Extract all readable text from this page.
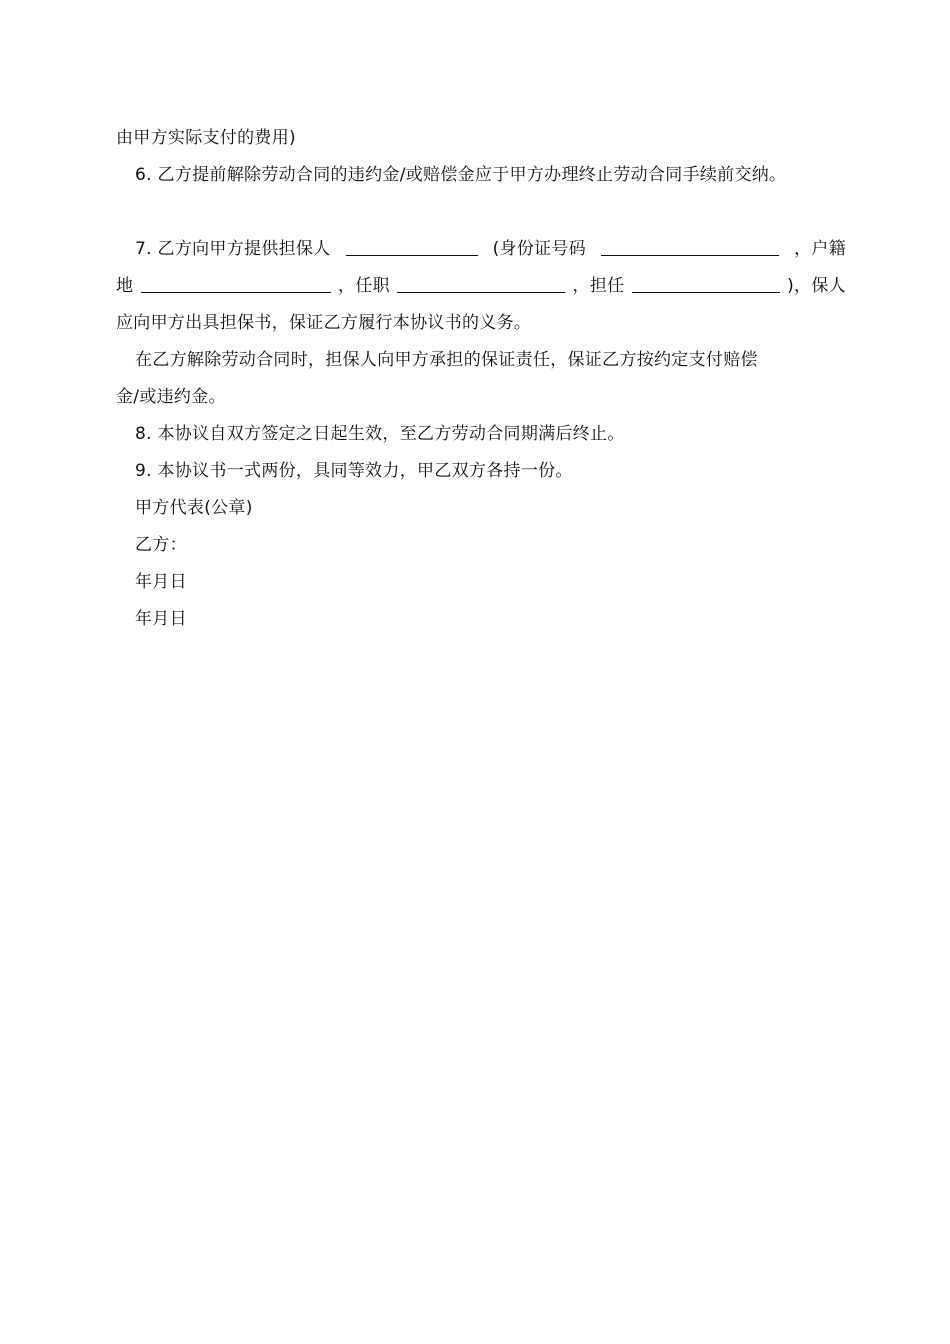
由甲方实际支付的费用)
6. 乙方提前解除劳动合同的违约金/或赔偿金应于甲方办理终止劳动合同手续前交纳。
7. 乙方向甲方提供担保人	(身份证号码	，户籍
地	，任职	，担任	)，保人
应向甲方出具担保书，保证乙方履行本协议书的义务。
在乙方解除劳动合同时，担保人向甲方承担的保证责任，保证乙方按约定支付赔偿
金/或违约金。
8. 本协议自双方签定之日起生效，至乙方劳动合同期满后终止。
9. 本协议书一式两份，具同等效力，甲乙双方各持一份。
甲方代表(公章)
乙方：
年月日
年月日
